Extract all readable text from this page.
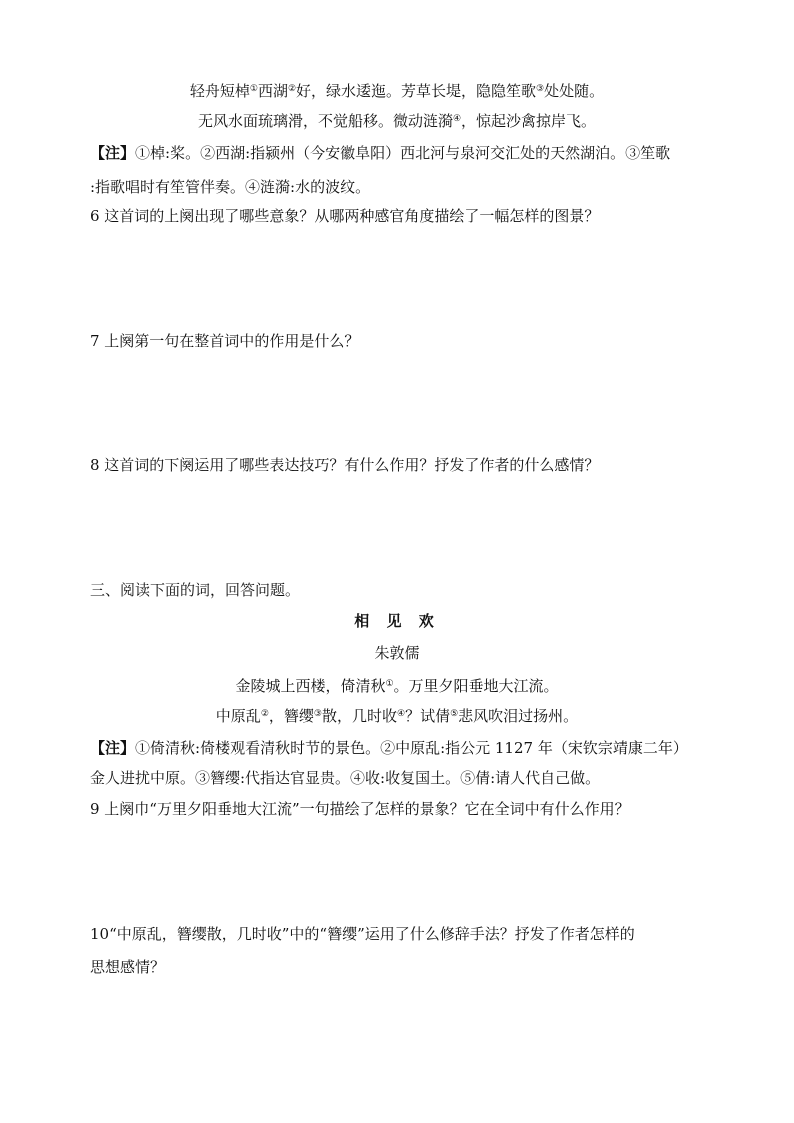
轻舟短棹①西湖②好，绿水逶迤。芳草长堤，隐隐笙歌③处处随。
无风水面琉璃滑，不觉船移。微动涟漪④，惊起沙禽掠岸飞。
【注】①棹:桨。②西湖:指颍州（今安徽阜阳）西北河与泉河交汇处的天然湖泊。③笙歌
:指歌唱时有笙管伴奏。④涟漪:水的波纹。
6 这首词的上阕出现了哪些意象？从哪两种感官角度描绘了一幅怎样的图景？
7 上阕第一句在整首词中的作用是什么？
8 这首词的下阕运用了哪些表达技巧？有什么作用？抒发了作者的什么感情？
三、阅读下面的词，回答问题。
相 见 欢
朱敦儒
金陵城上西楼，倚清秋①。万里夕阳垂地大江流。
中原乱②，簪缨③散，几时收④？试倩⑤悲风吹泪过扬州。
【注】①倚清秋:倚楼观看清秋时节的景色。②中原乱:指公元 1127 年（宋钦宗靖康二年）
金人进扰中原。③簪缨:代指达官显贵。④收:收复国土。⑤倩:请人代自己做。
9 上阕巾“万里夕阳垂地大江流”一句描绘了怎样的景象？它在全词中有什么作用？
10“中原乱，簪缨散，几时收”中的“簪缨”运用了什么修辞手法？抒发了作者怎样的
思想感情？
